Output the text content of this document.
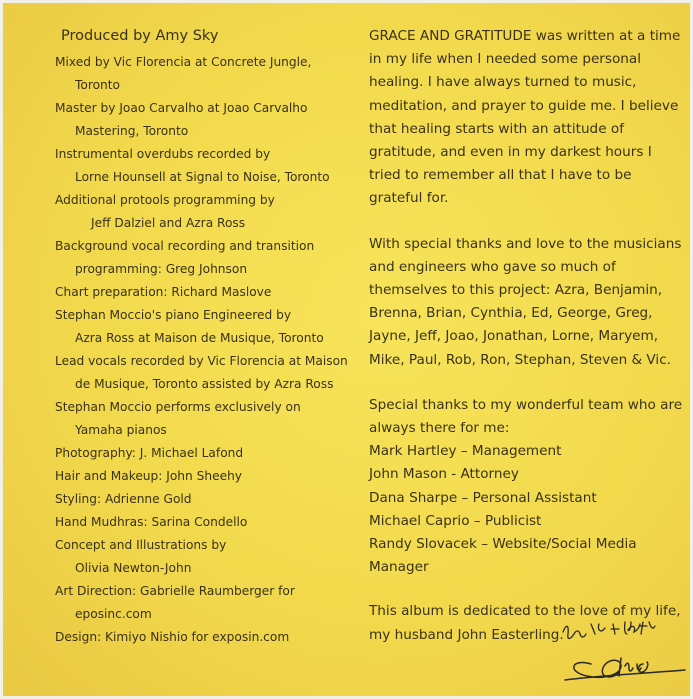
Produced by Amy Sky
Mixed by Vic Florencia at Concrete Jungle,
Toronto
Master by Joao Carvalho at Joao Carvalho
Mastering, Toronto
Instrumental overdubs recorded by
Lorne Hounsell at Signal to Noise, Toronto
Additional protools programming by
Jeff Dalziel and Azra Ross
Background vocal recording and transition
programming: Greg Johnson
Chart preparation: Richard Maslove
Stephan Moccio's piano Engineered by
Azra Ross at Maison de Musique, Toronto
Lead vocals recorded by Vic Florencia at Maison
de Musique, Toronto assisted by Azra Ross
Stephan Moccio performs exclusively on
Yamaha pianos
Photography: J. Michael Lafond
Hair and Makeup: John Sheehy
Styling: Adrienne Gold
Hand Mudhras: Sarina Condello
Concept and Illustrations by
Olivia Newton-John
Art Direction: Gabrielle Raumberger for
eposinc.com
Design: Kimiyo Nishio for exposin.com

GRACE AND GRATITUDE was written at a time in my life when I needed some personal healing. I have always turned to music, meditation, and prayer to guide me. I believe that healing starts with an attitude of gratitude, and even in my darkest hours I tried to remember all that I have to be grateful for.

With special thanks and love to the musicians and engineers who gave so much of themselves to this project: Azra, Benjamin, Brenna, Brian, Cynthia, Ed, George, Greg, Jayne, Jeff, Joao, Jonathan, Lorne, Maryem, Mike, Paul, Rob, Ron, Stephan, Steven & Vic.

Special thanks to my wonderful team who are always there for me:

Mark Hartley – Management
John Mason - Attorney
Dana Sharpe – Personal Assistant
Michael Caprio – Publicist
Randy Slovacek – Website/Social Media Manager

This album is dedicated to the love of my life, my husband John Easterling.
